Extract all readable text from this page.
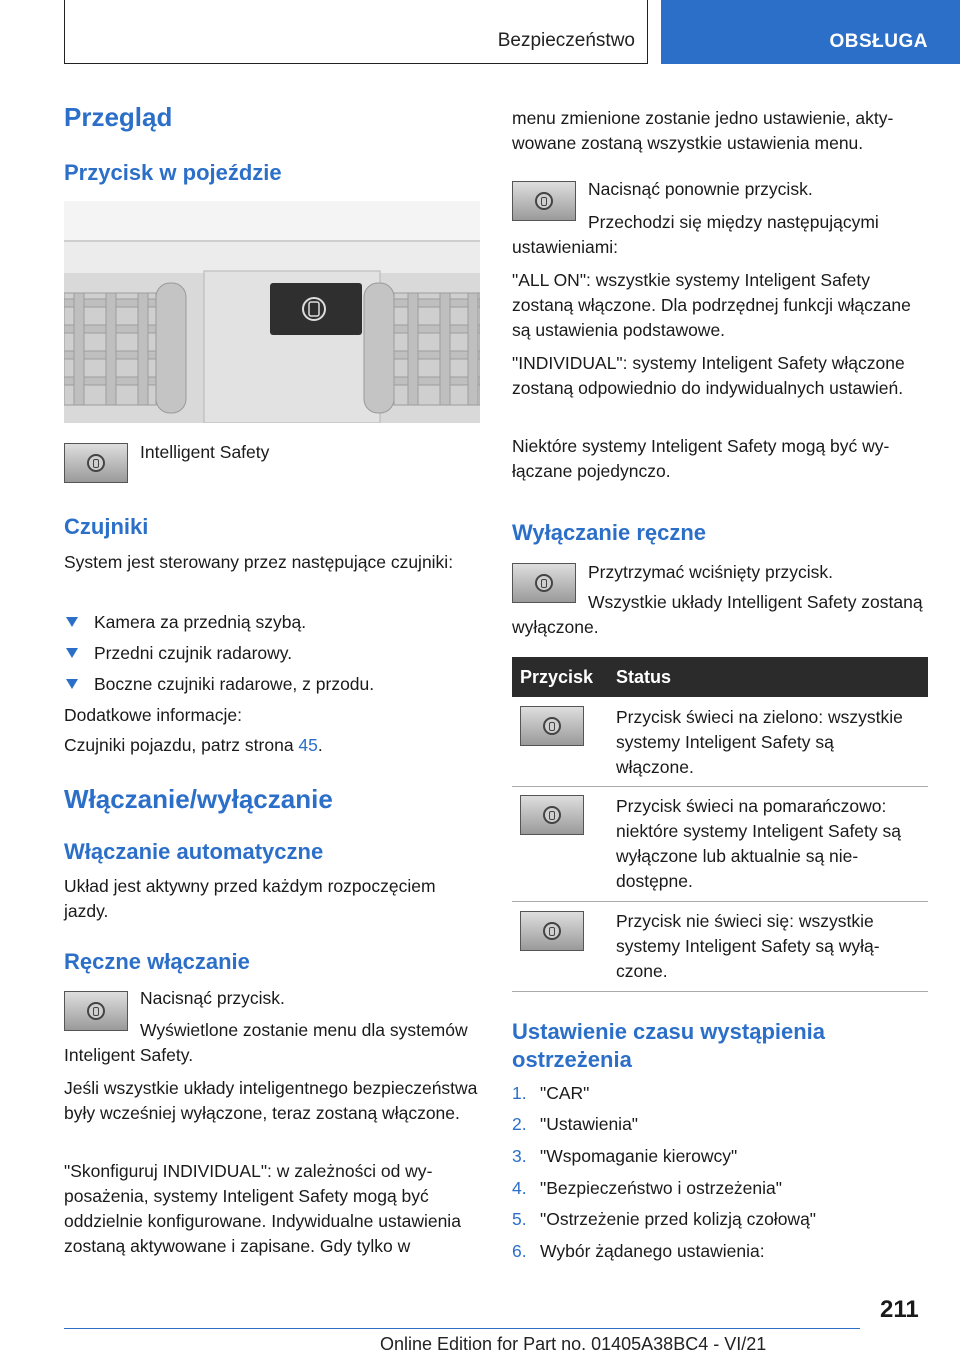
Bezpieczeństwo	OBSŁUGA
Przegląd
Przycisk w pojeździe
Intelligent Safety
Czujniki
System jest sterowany przez następujące czujniki:
Kamera za przednią szybą.
Przedni czujnik radarowy.
Boczne czujniki radarowe, z przodu.
Dodatkowe informacje:
Czujniki pojazdu, patrz strona 45.
Włączanie/wyłączanie
Włączanie automatyczne
Układ jest aktywny przed każdym rozpoczęciem jazdy.
Ręczne włączanie
Nacisnąć przycisk.
Wyświetlone zostanie menu dla systemów Inteligent Safety.
Jeśli wszystkie układy inteligentnego bezpieczeństwa były wcześniej wyłączone, teraz zostaną włączone.
"Skonfiguruj INDIVIDUAL": w zależności od wyposażenia, systemy Inteligent Safety mogą być oddzielnie konfigurowane. Indywidualne ustawienia zostaną aktywowane i zapisane. Gdy tylko w
menu zmienione zostanie jedno ustawienie, aktywowane zostaną wszystkie ustawienia menu.
Nacisnąć ponownie przycisk.
Przechodzi się między następującymi ustawieniami:
"ALL ON": wszystkie systemy Inteligent Safety zostaną włączone. Dla podrzędnej funkcji włączane są ustawienia podstawowe.
"INDIVIDUAL": systemy Inteligent Safety włączone zostaną odpowiednio do indywidualnych ustawień.
Niektóre systemy Inteligent Safety mogą być wyłączane pojedynczo.
Wyłączanie ręczne
Przytrzymać wciśnięty przycisk.
Wszystkie układy Intelligent Safety zostaną wyłączone.
Przycisk Status
Przycisk świeci na zielono: wszystkie systemy Inteligent Safety są włączone.
Przycisk świeci na pomarańczowo: niektóre systemy Inteligent Safety są wyłączone lub aktualnie są niedostępne.
Przycisk nie świeci się: wszystkie systemy Inteligent Safety są wyłączone.
Ustawienie czasu wystąpienia ostrzeżenia
1. "CAR"
2. "Ustawienia"
3. "Wspomaganie kierowcy"
4. "Bezpieczeństwo i ostrzeżenia"
5. "Ostrzeżenie przed kolizją czołową"
6. Wybór żądanego ustawienia:
211
Online Edition for Part no. 01405A38BC4 - VI/21
